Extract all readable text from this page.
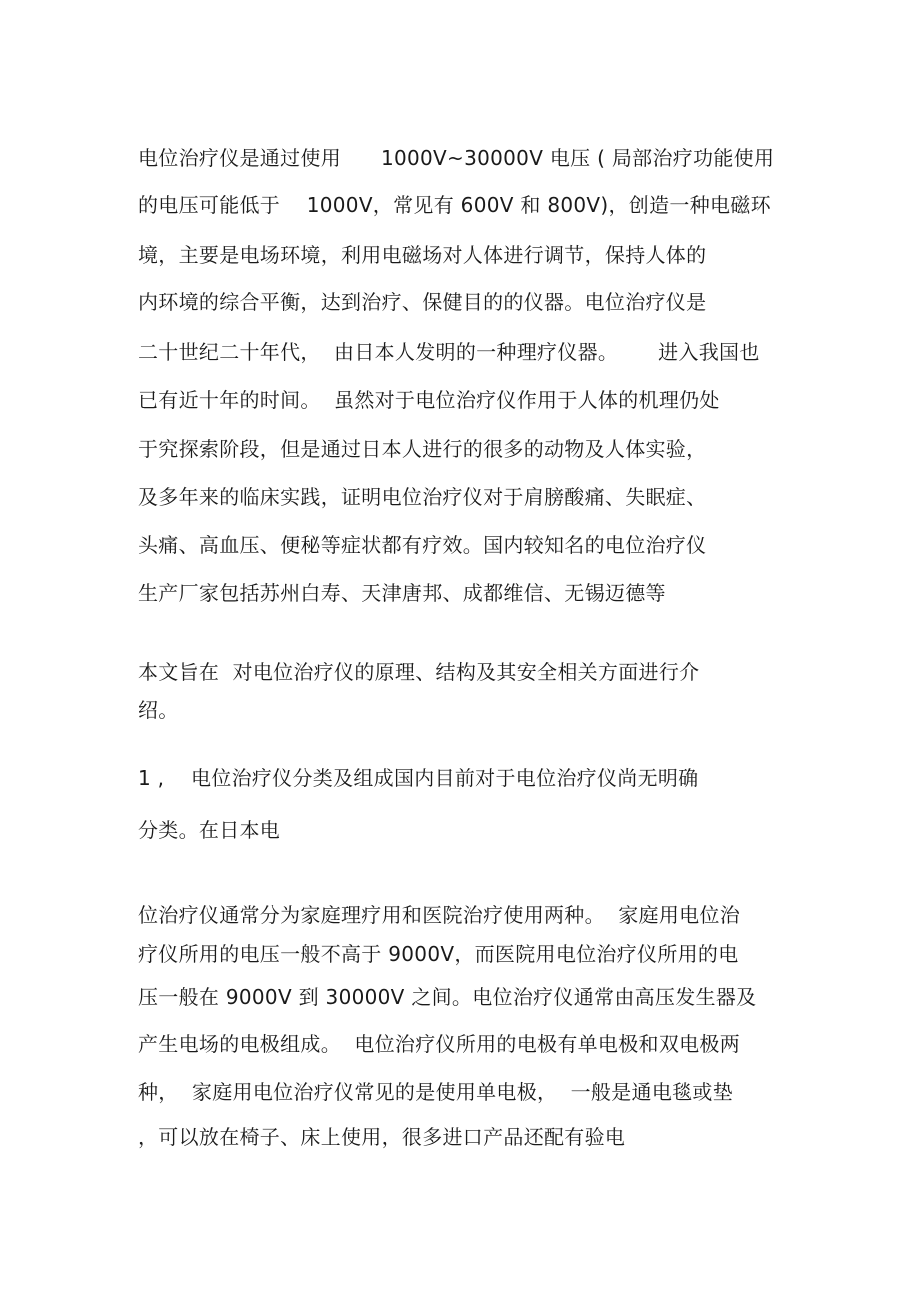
电位治疗仪是通过使用      1000V~30000V 电压 ( 局部治疗功能使用
的电压可能低于    1000V，常见有 600V 和 800V)，创造一种电磁环
境，主要是电场环境，利用电磁场对人体进行调节，保持人体的
内环境的综合平衡，达到治疗、保健目的的仪器。电位治疗仪是
二十世纪二十年代，  由日本人发明的一种理疗仪器。      进入我国也
已有近十年的时间。  虽然对于电位治疗仪作用于人体的机理仍处
于究探索阶段，但是通过日本人进行的很多的动物及人体实验，
及多年来的临床实践，证明电位治疗仪对于肩膀酸痛、失眠症、
头痛、高血压、便秘等症状都有疗效。国内较知名的电位治疗仪
生产厂家包括苏州白寿、天津唐邦、成都维信、无锡迈德等
本文旨在  对电位治疗仪的原理、结构及其安全相关方面进行介
绍。
1 ,    电位治疗仪分类及组成国内目前对于电位治疗仪尚无明确
分类。在日本电
位治疗仪通常分为家庭理疗用和医院治疗使用两种。  家庭用电位治
疗仪所用的电压一般不高于 9000V，而医院用电位治疗仪所用的电
压一般在 9000V 到 30000V 之间。电位治疗仪通常由高压发生器及
产生电场的电极组成。  电位治疗仪所用的电极有单电极和双电极两
种，  家庭用电位治疗仪常见的是使用单电极，  一般是通电毯或垫
，可以放在椅子、床上使用，很多进口产品还配有验电
